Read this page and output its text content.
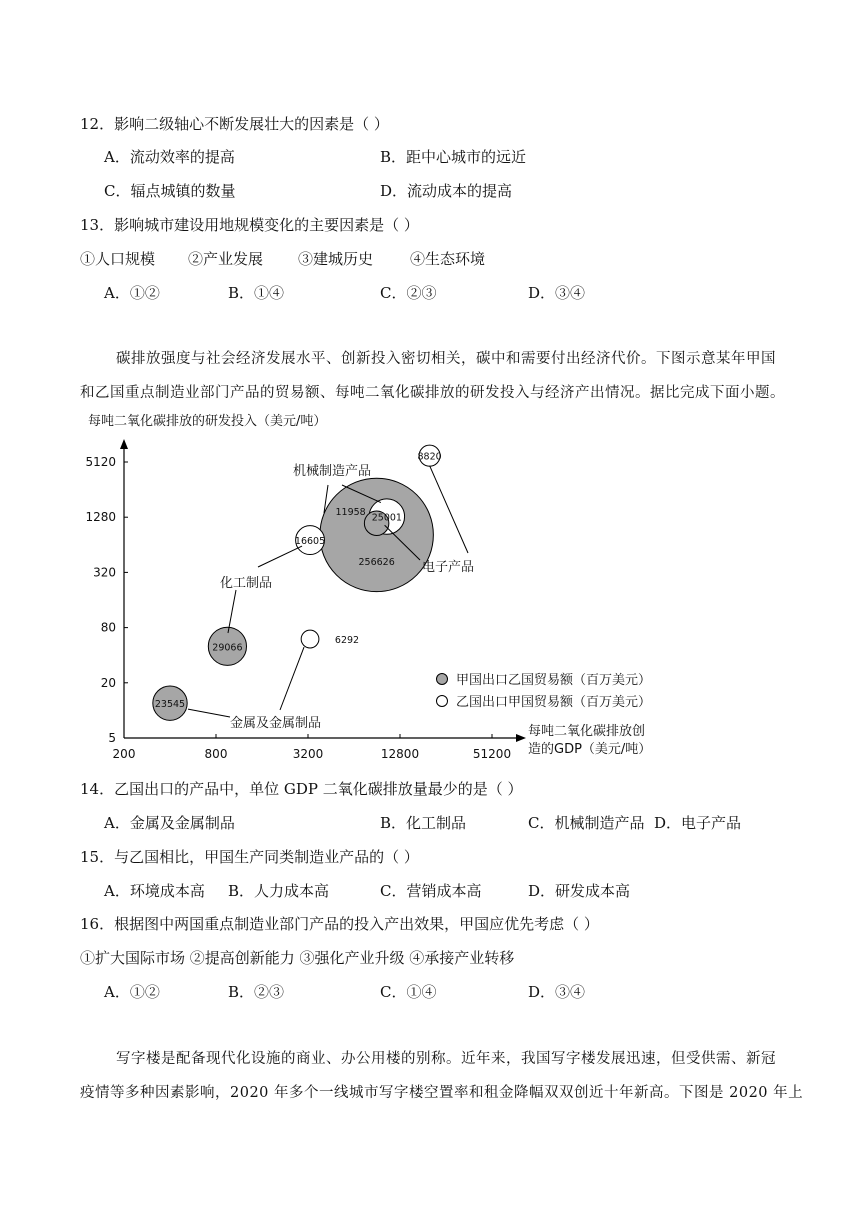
12．影响二级轴心不断发展壮大的因素是（ ）
A．流动效率的提高	B．距中心城市的远近
C．辐点城镇的数量	D．流动成本的提高
13．影响城市建设用地规模变化的主要因素是（ ）
①人口规模 ②产业发展 ③建城历史 ④生态环境
A．①②	B．①④	C．②③	D．③④
碳排放强度与社会经济发展水平、创新投入密切相关，碳中和需要付出经济代价。下图示意某年甲国
和乙国重点制造业部门产品的贸易额、每吨二氧化碳排放的研发投入与经济产出情况。据比完成下面小题。
每吨二氧化碳排放的研发投入（美元/吨）
每吨二氧化碳排放创
造的GDP（美元/吨）
5
20
80
320
1280
5120
200	800	3200	12800	51200
256626
29066
25001
23545
16605
11958
8820
6292
机械制造产品
化工制品
电子产品
金属及金属制品
甲国出口乙国贸易额（百万美元）
乙国出口甲国贸易额（百万美元）
14．乙国出口的产品中，单位 GDP 二氧化碳排放量最少的是（ ）
A．金属及金属制品	B．化工制品	C．机械制造产品 D．电子产品
15．与乙国相比，甲国生产同类制造业产品的（ ）
A．环境成本高 B．人力成本高	C．营销成本高	D．研发成本高
16．根据图中两国重点制造业部门产品的投入产出效果，甲国应优先考虑（ ）
①扩大国际市场 ②提高创新能力 ③强化产业升级 ④承接产业转移
A．①②	B．②③	C．①④	D．③④
写字楼是配备现代化设施的商业、办公用楼的别称。近年来，我国写字楼发展迅速，但受供需、新冠
疫情等多种因素影响，2020 年多个一线城市写字楼空置率和租金降幅双双创近十年新高。下图是 2020 年上
